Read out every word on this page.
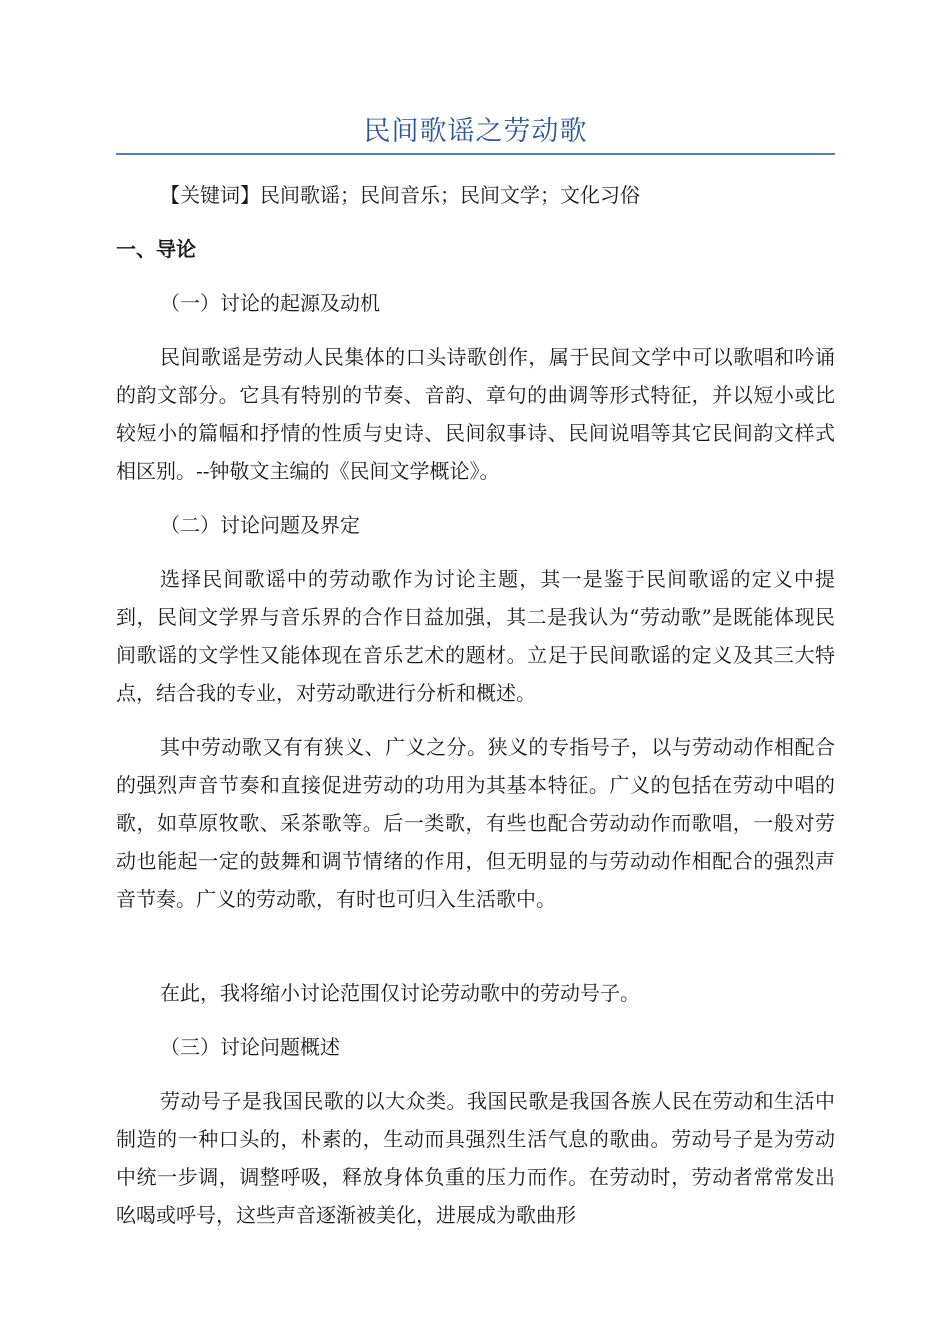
民间歌谣之劳动歌

【关键词】民间歌谣；民间音乐；民间文学；文化习俗

一、导论
（一）讨论的起源及动机

民间歌谣是劳动人民集体的口头诗歌创作，属于民间文学中可以歌唱和吟诵的韵文部分。它具有特别的节奏、音韵、章句的曲调等形式特征，并以短小或比较短小的篇幅和抒情的性质与史诗、民间叙事诗、民间说唱等其它民间韵文样式相区别。--钟敬文主编的《民间文学概论》。

（二）讨论问题及界定

选择民间歌谣中的劳动歌作为讨论主题，其一是鉴于民间歌谣的定义中提到，民间文学界与音乐界的合作日益加强，其二是我认为“劳动歌”是既能体现民间歌谣的文学性又能体现在音乐艺术的题材。立足于民间歌谣的定义及其三大特点，结合我的专业，对劳动歌进行分析和概述。

其中劳动歌又有有狭义、广义之分。狭义的专指号子，以与劳动动作相配合的强烈声音节奏和直接促进劳动的功用为其基本特征。广义的包括在劳动中唱的歌，如草原牧歌、采茶歌等。后一类歌，有些也配合劳动动作而歌唱，一般对劳动也能起一定的鼓舞和调节情绪的作用，但无明显的与劳动动作相配合的强烈声音节奏。广义的劳动歌，有时也可归入生活歌中。

在此，我将缩小讨论范围仅讨论劳动歌中的劳动号子。

（三）讨论问题概述

劳动号子是我国民歌的以大众类。我国民歌是我国各族人民在劳动和生活中制造的一种口头的，朴素的，生动而具强烈生活气息的歌曲。劳动号子是为劳动中统一步调，调整呼吸，释放身体负重的压力而作。在劳动时，劳动者常常发出吆喝或呼号，这些声音逐渐被美化，进展成为歌曲形
